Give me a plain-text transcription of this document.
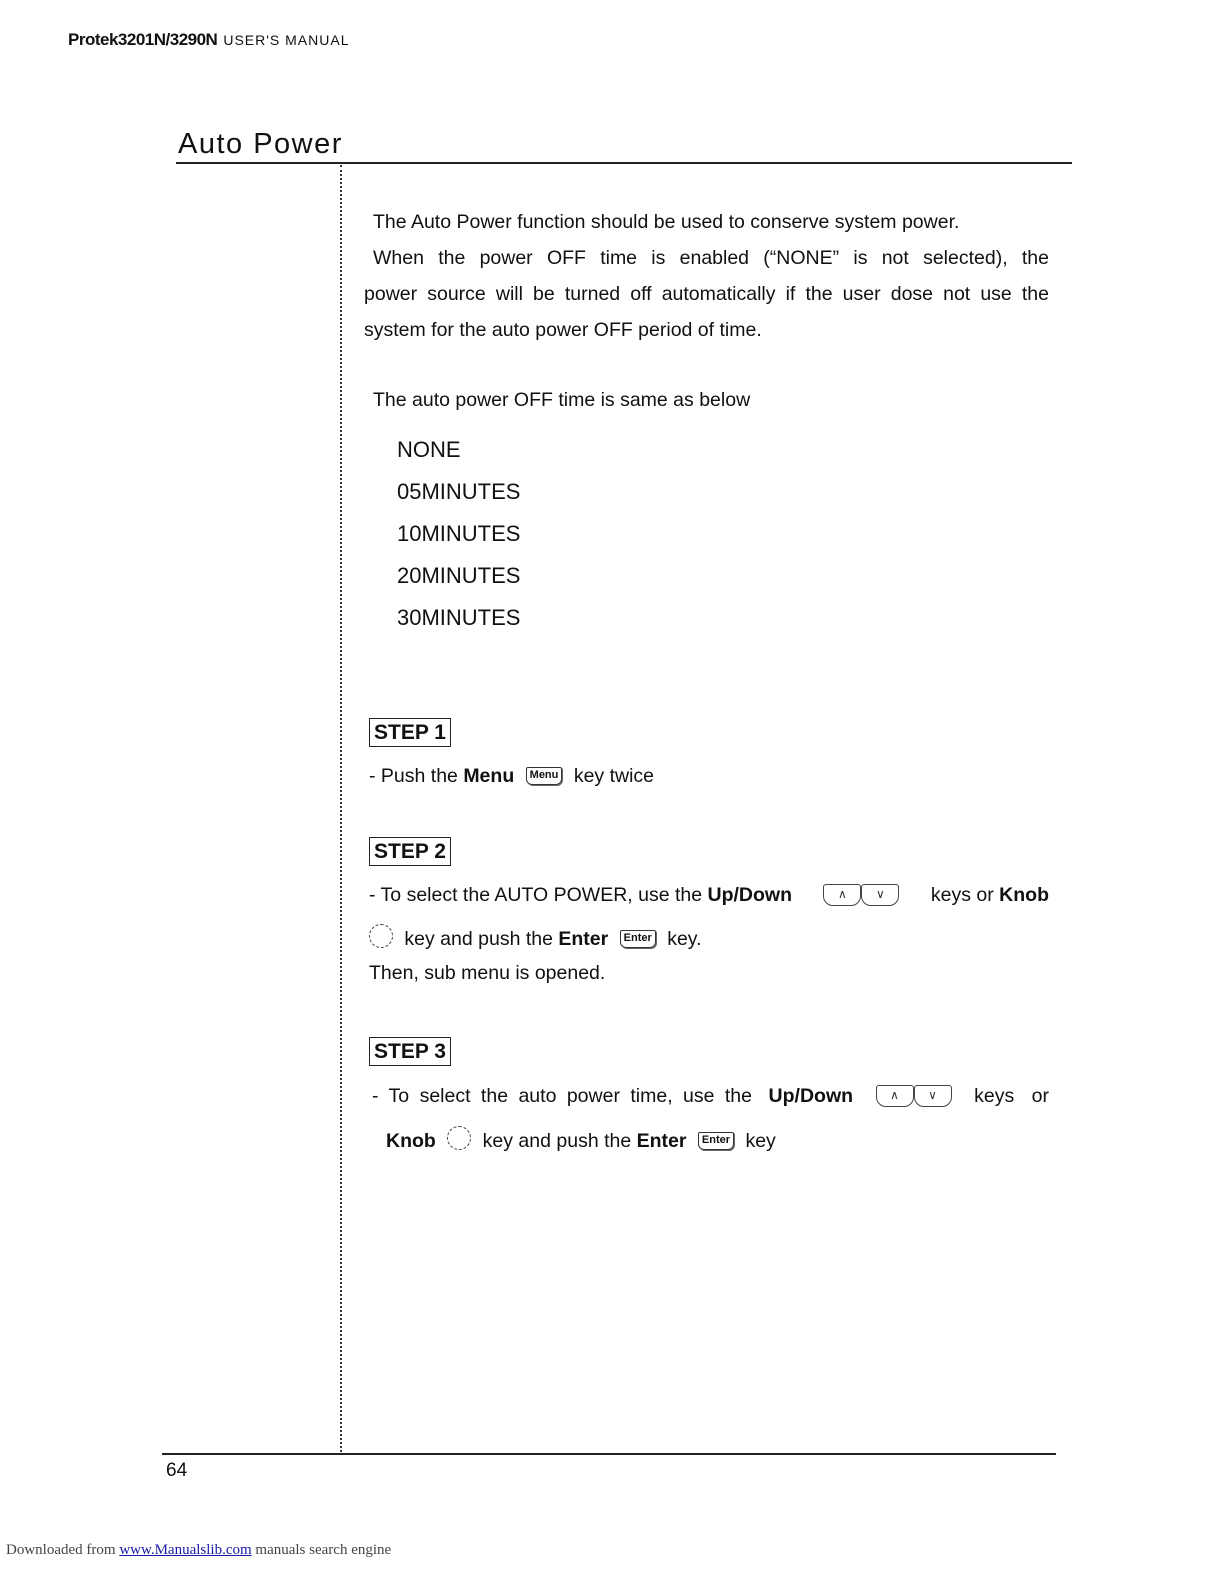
Protek3201N/3290N USER'S MANUAL
Auto Power
The Auto Power function should be used to conserve system power.
When the power OFF time is enabled (“NONE” is not selected), the
power source will be turned off automatically if the user dose not use the
system for the auto power OFF period of time.
The auto power OFF time is same as below
NONE
05MINUTES
10MINUTES
20MINUTES
30MINUTES
STEP 1
- Push the Menu Menu key twice
STEP 2
- To select the AUTO POWER, use the Up/Down	∧ ∨	keys or Knob
key and push the Enter Enter key.
Then, sub menu is opened.
STEP 3
- To select the auto power time, use the Up/Down	∧ ∨	keys or
Knob key and push the Enter Enter key
64
Downloaded from www.Manualslib.com manuals search engine
